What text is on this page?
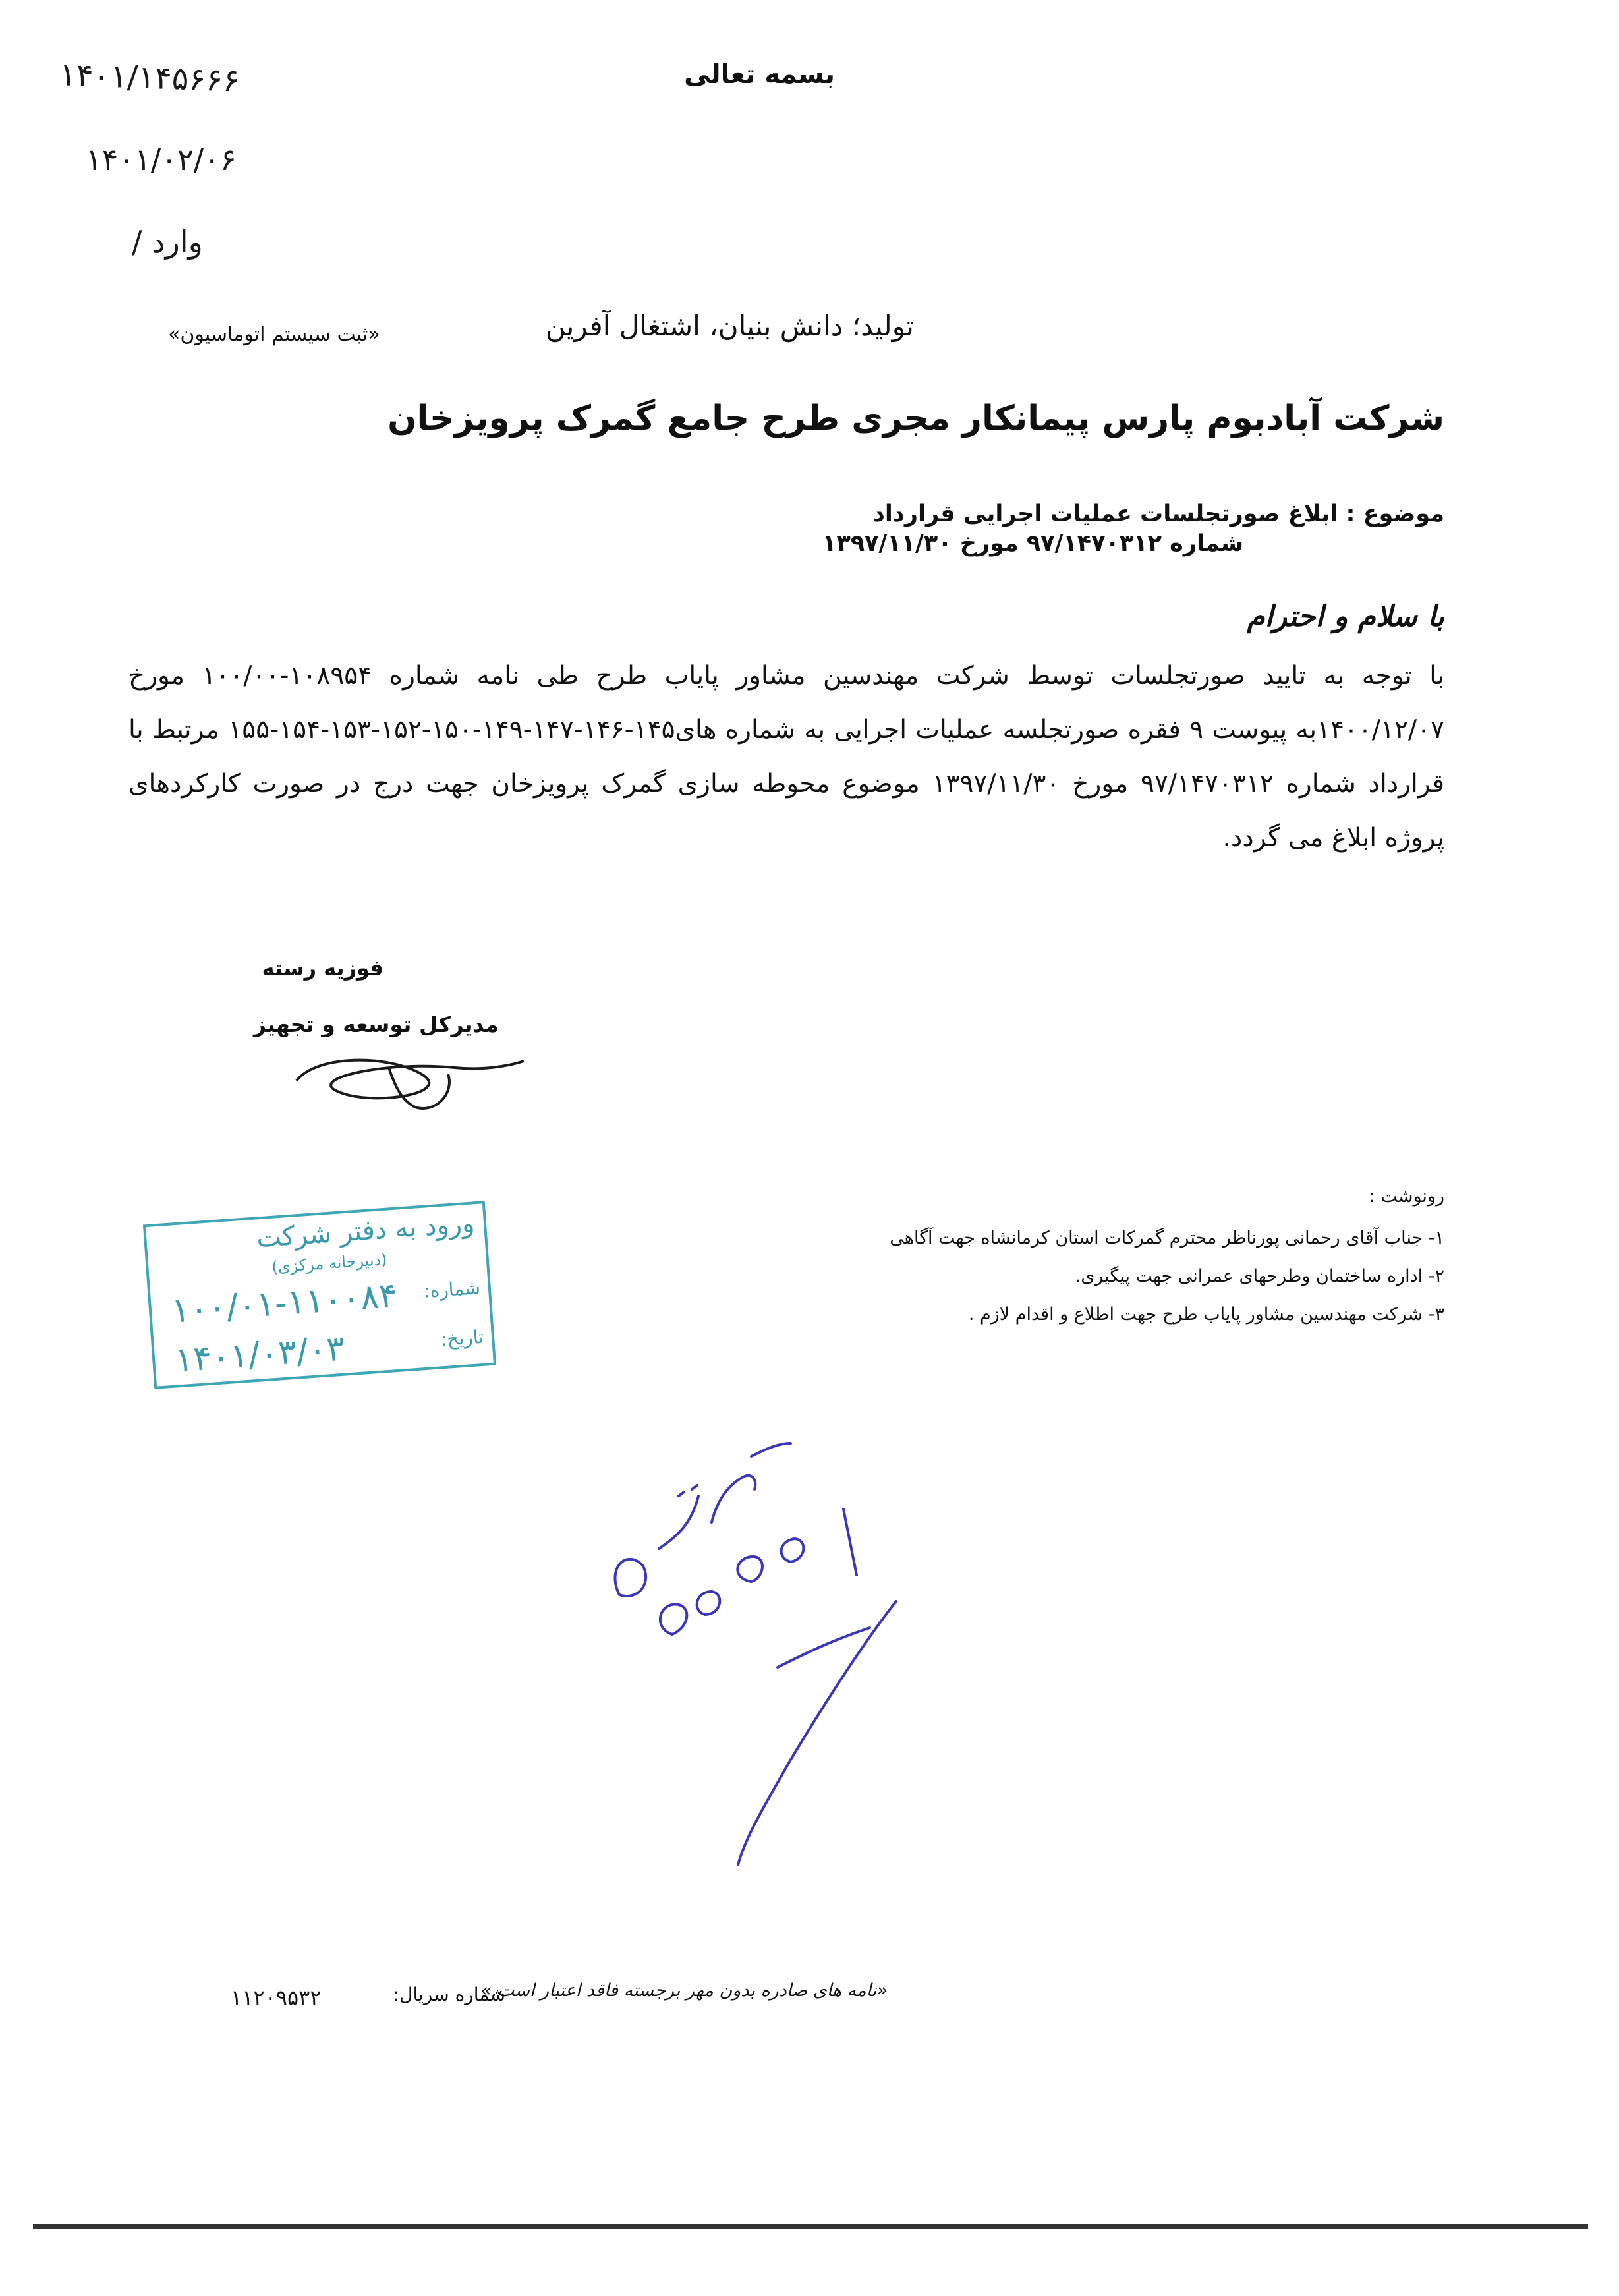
بسمه تعالی
۱۴۰۱/۱۴۵۶۶۶
۱۴۰۱/۰۲/۰۶
وارد /
«ثبت سیستم اتوماسیون»	تولید؛ دانش بنیان، اشتغال آفرین
شرکت آبادبوم پارس پیمانکار مجری طرح جامع گمرک پرویزخان
موضوع : ابلاغ صورتجلسات عملیات اجرایی قرارداد
شماره ۹۷/۱۴۷۰۳۱۲ مورخ ۱۳۹۷/۱۱/۳۰
با سلام و احترام

با توجه به تایید صورتجلسات توسط شرکت مهندسین مشاور پایاب طرح طی نامه شماره ۱۰۸۹۵۴-۱۰۰/۰۰ مورخ ۱۴۰۰/۱۲/۰۷به پیوست ۹ فقره صورتجلسه عملیات اجرایی به شماره های۱۴۵-۱۴۶-۱۴۷-۱۴۹-۱۵۰-۱۵۲-۱۵۳-۱۵۴-۱۵۵ مرتبط با قرارداد شماره ۹۷/۱۴۷۰۳۱۲ مورخ ۱۳۹۷/۱۱/۳۰ موضوع محوطه سازی گمرک پرویزخان جهت درج در صورت کارکردهای پروژه ابلاغ می گردد.

فوزیه رسته
مدیرکل توسعه و تجهیز
رونوشت :
۱- جناب آقای رحمانی پورناظر محترم گمرکات استان کرمانشاه جهت آگاهی
۲- اداره ساختمان وطرحهای عمرانی جهت پیگیری.
۳- شرکت مهندسین مشاور پایاب طرح جهت اطلاع و اقدام لازم .
ورود به دفتر شرکت
(دبیرخانه مرکزی)
شماره:
تاریخ:
۱۰۰/۰۱-۱۱۰۰۸۴
۱۴۰۱/۰۳/۰۳
«نامه های صادره بدون مهر برجسته فاقد اعتبار است.»
شماره سریال:
۱۱۲۰۹۵۳۲
